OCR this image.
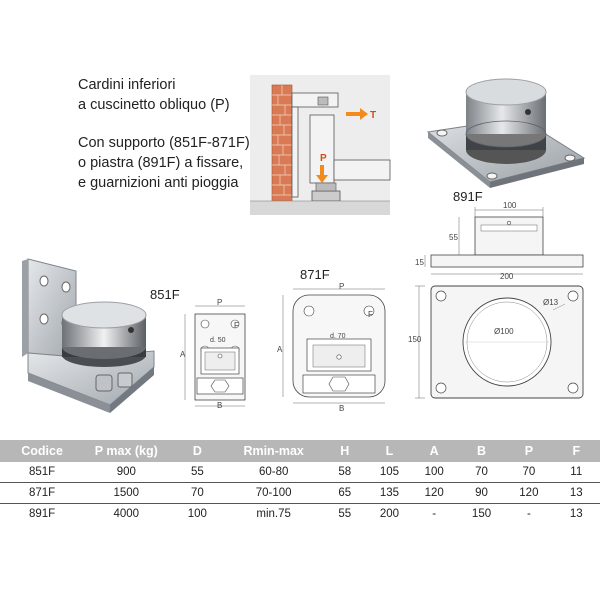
Cardini inferiori

a cuscinetto obliquo (P)

Con supporto (851F-871F)

o piastra (891F) a fissare,

e guarnizioni anti pioggia

T
P
891F
851F
871F
100
55
15
200
150
Ø13
Ø100
P
F
A
d. 50
B
P
F
A
d. 70
B
Codice	P max (kg)	D	Rmin-max	H	L	A	B	P	F
851F	900	55	60-80	58	105	100	70	70	11
871F	1500	70	70-100	65	135	120	90	120	13
891F	4000	100	min.75	55	200	-	150	-	13
